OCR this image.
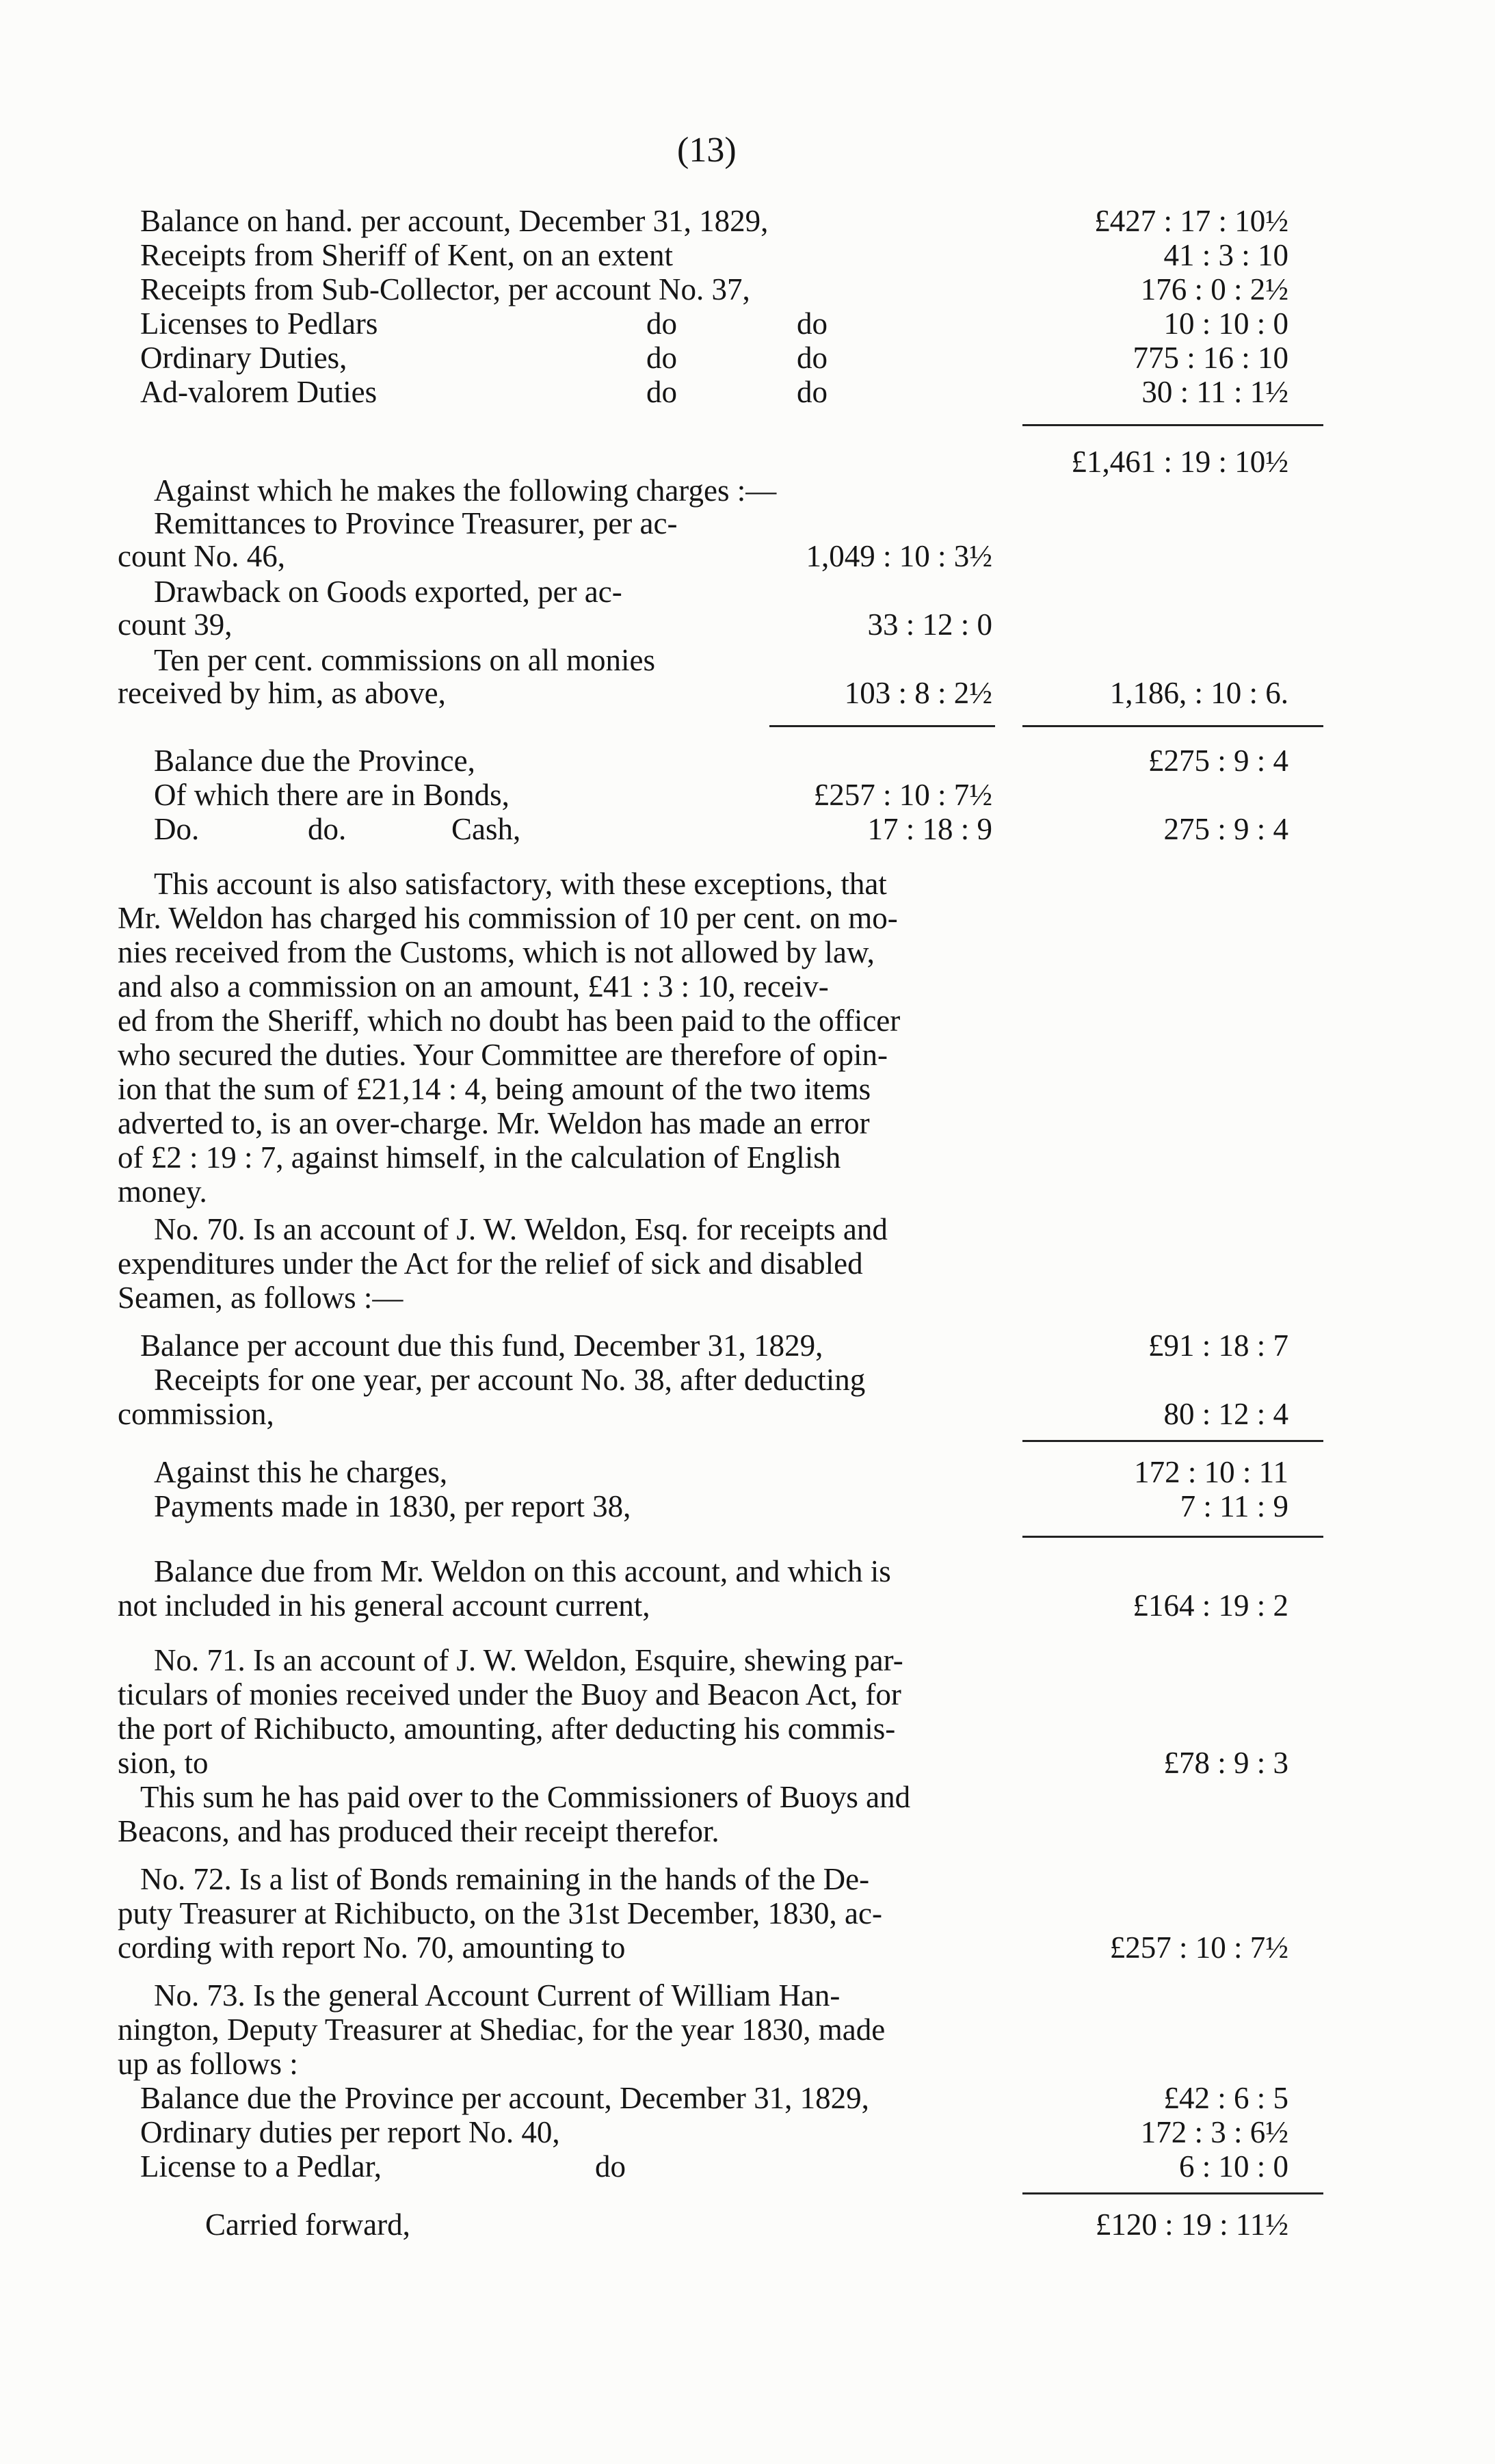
(13)
Balance on hand. per account, December 31, 1829,	£427 : 17 : 10½
Receipts from Sheriff of Kent, on an extent	41 : 3 : 10
Receipts from Sub-Collector, per account No. 37,	176 : 0 : 2½
Licenses to Pedlars	do	do	10 : 10 : 0
Ordinary Duties,	do	do	775 : 16 : 10
Ad-valorem Duties	do	do	30 : 11 : 1½
£1,461 : 19 : 10½
Against which he makes the following charges :—
Remittances to Province Treasurer, per ac-
count No. 46,	1,049 : 10 : 3½
Drawback on Goods exported, per ac-
count 39,	33 : 12 : 0
Ten per cent. commissions on all monies
received by him, as above,	103 : 8 : 2½	1,186, : 10 : 6.
Balance due the Province,	£275 : 9 : 4
Of which there are in Bonds,	£257 : 10 : 7½
Do.	do.	Cash,	17 : 18 : 9	275 : 9 : 4
This account is also satisfactory, with these exceptions, that
Mr. Weldon has charged his commission of 10 per cent. on mo-
nies received from the Customs, which is not allowed by law,
and also a commission on an amount, £41 : 3 : 10, receiv-
ed from the Sheriff, which no doubt has been paid to the officer
who secured the duties. Your Committee are therefore of opin-
ion that the sum of £21,14 : 4, being amount of the two items
adverted to, is an over-charge. Mr. Weldon has made an error
of £2 : 19 : 7, against himself, in the calculation of English
money.
No. 70. Is an account of J. W. Weldon, Esq. for receipts and
expenditures under the Act for the relief of sick and disabled
Seamen, as follows :—
Balance per account due this fund, December 31, 1829,	£91 : 18 : 7
Receipts for one year, per account No. 38, after deducting
commission,	80 : 12 : 4
Against this he charges,	172 : 10 : 11
Payments made in 1830, per report 38,	7 : 11 : 9
Balance due from Mr. Weldon on this account, and which is
not included in his general account current,	£164 : 19 : 2
No. 71. Is an account of J. W. Weldon, Esquire, shewing par-
ticulars of monies received under the Buoy and Beacon Act, for
the port of Richibucto, amounting, after deducting his commis-
sion, to	£78 : 9 : 3
This sum he has paid over to the Commissioners of Buoys and
Beacons, and has produced their receipt therefor.
No. 72. Is a list of Bonds remaining in the hands of the De-
puty Treasurer at Richibucto, on the 31st December, 1830, ac-
cording with report No. 70, amounting to	£257 : 10 : 7½
No. 73. Is the general Account Current of William Han-
nington, Deputy Treasurer at Shediac, for the year 1830, made
up as follows :
Balance due the Province per account, December 31, 1829,	£42 : 6 : 5
Ordinary duties per report No. 40,	172 : 3 : 6½
License to a Pedlar,	do	6 : 10 : 0
Carried forward,	£120 : 19 : 11½
